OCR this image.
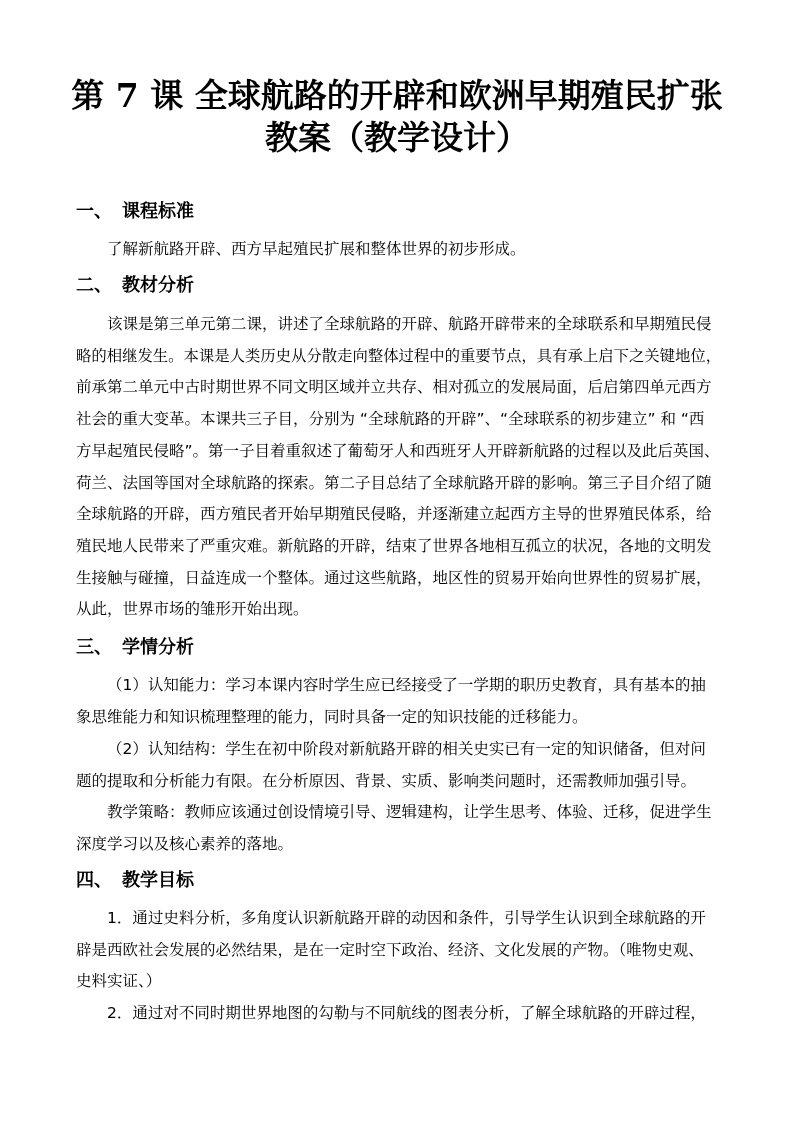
第 7 课 全球航路的开辟和欧洲早期殖民扩张
教案（教学设计）
一、 课程标准
了解新航路开辟、西方早起殖民扩展和整体世界的初步形成。
二、 教材分析
该课是第三单元第二课，讲述了全球航路的开辟、航路开辟带来的全球联系和早期殖民侵
略的相继发生。本课是人类历史从分散走向整体过程中的重要节点，具有承上启下之关键地位，
前承第二单元中古时期世界不同文明区域并立共存、相对孤立的发展局面，后启第四单元西方
社会的重大变革。本课共三子目，分别为 “全球航路的开辟”、“全球联系的初步建立” 和 “西
方早起殖民侵略”。第一子目着重叙述了葡萄牙人和西班牙人开辟新航路的过程以及此后英国、
荷兰、法国等国对全球航路的探索。第二子目总结了全球航路开辟的影响。第三子目介绍了随
全球航路的开辟，西方殖民者开始早期殖民侵略，并逐渐建立起西方主导的世界殖民体系，给
殖民地人民带来了严重灾难。新航路的开辟，结束了世界各地相互孤立的状况，各地的文明发
生接触与碰撞，日益连成一个整体。通过这些航路，地区性的贸易开始向世界性的贸易扩展，
从此，世界市场的雏形开始出现。
三、 学情分析
（1）认知能力：学习本课内容时学生应已经接受了一学期的职历史教育，具有基本的抽
象思维能力和知识梳理整理的能力，同时具备一定的知识技能的迁移能力。
（2）认知结构：学生在初中阶段对新航路开辟的相关史实已有一定的知识储备，但对问
题的提取和分析能力有限。在分析原因、背景、实质、影响类问题时，还需教师加强引导。
教学策略：教师应该通过创设情境引导、逻辑建构，让学生思考、体验、迁移，促进学生
深度学习以及核心素养的落地。
四、 教学目标
1．通过史料分析，多角度认识新航路开辟的动因和条件，引导学生认识到全球航路的开
辟是西欧社会发展的必然结果，是在一定时空下政治、经济、文化发展的产物。（唯物史观、
史料实证、）
2．通过对不同时期世界地图的勾勒与不同航线的图表分析，了解全球航路的开辟过程，
